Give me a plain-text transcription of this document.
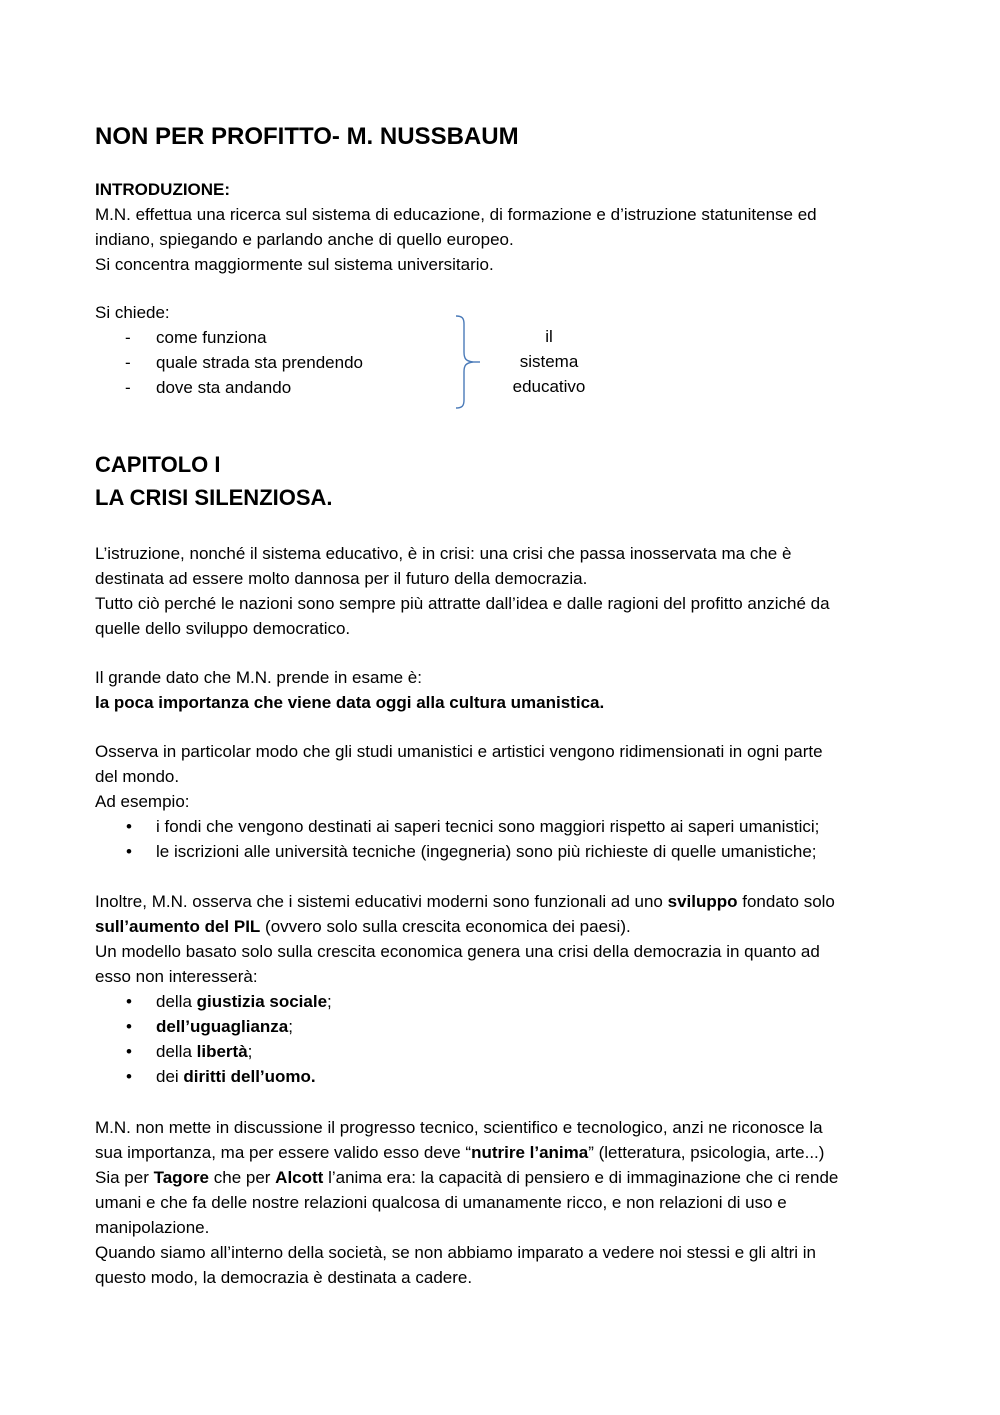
NON PER PROFITTO- M. NUSSBAUM
INTRODUZIONE:
M.N. effettua una ricerca sul sistema di educazione, di formazione e d’istruzione statunitense ed
indiano, spiegando e parlando anche di quello europeo.
Si concentra maggiormente sul sistema universitario.
Si chiede:
- come funziona
- quale strada sta prendendo
- dove sta andando
il
sistema
educativo
CAPITOLO I
LA CRISI SILENZIOSA.
L’istruzione, nonché il sistema educativo, è in crisi: una crisi che passa inosservata ma che è
destinata ad essere molto dannosa per il futuro della democrazia.
Tutto ciò perché le nazioni sono sempre più attratte dall’idea e dalle ragioni del profitto anziché da
quelle dello sviluppo democratico.
Il grande dato che M.N. prende in esame è:
la poca importanza che viene data oggi alla cultura umanistica.
Osserva in particolar modo che gli studi umanistici e artistici vengono ridimensionati in ogni parte
del mondo.
Ad esempio:
• i fondi che vengono destinati ai saperi tecnici sono maggiori rispetto ai saperi umanistici;
• le iscrizioni alle università tecniche (ingegneria) sono più richieste di quelle umanistiche;
Inoltre, M.N. osserva che i sistemi educativi moderni sono funzionali ad uno sviluppo fondato solo
sull’aumento del PIL (ovvero solo sulla crescita economica dei paesi).
Un modello basato solo sulla crescita economica genera una crisi della democrazia in quanto ad
esso non interesserà:
• della giustizia sociale;
• dell’uguaglianza;
• della libertà;
• dei diritti dell’uomo.
M.N. non mette in discussione il progresso tecnico, scientifico e tecnologico, anzi ne riconosce la
sua importanza, ma per essere valido esso deve “nutrire l’anima” (letteratura, psicologia, arte...)
Sia per Tagore che per Alcott l’anima era: la capacità di pensiero e di immaginazione che ci rende
umani e che fa delle nostre relazioni qualcosa di umanamente ricco, e non relazioni di uso e
manipolazione.
Quando siamo all’interno della società, se non abbiamo imparato a vedere noi stessi e gli altri in
questo modo, la democrazia è destinata a cadere.
